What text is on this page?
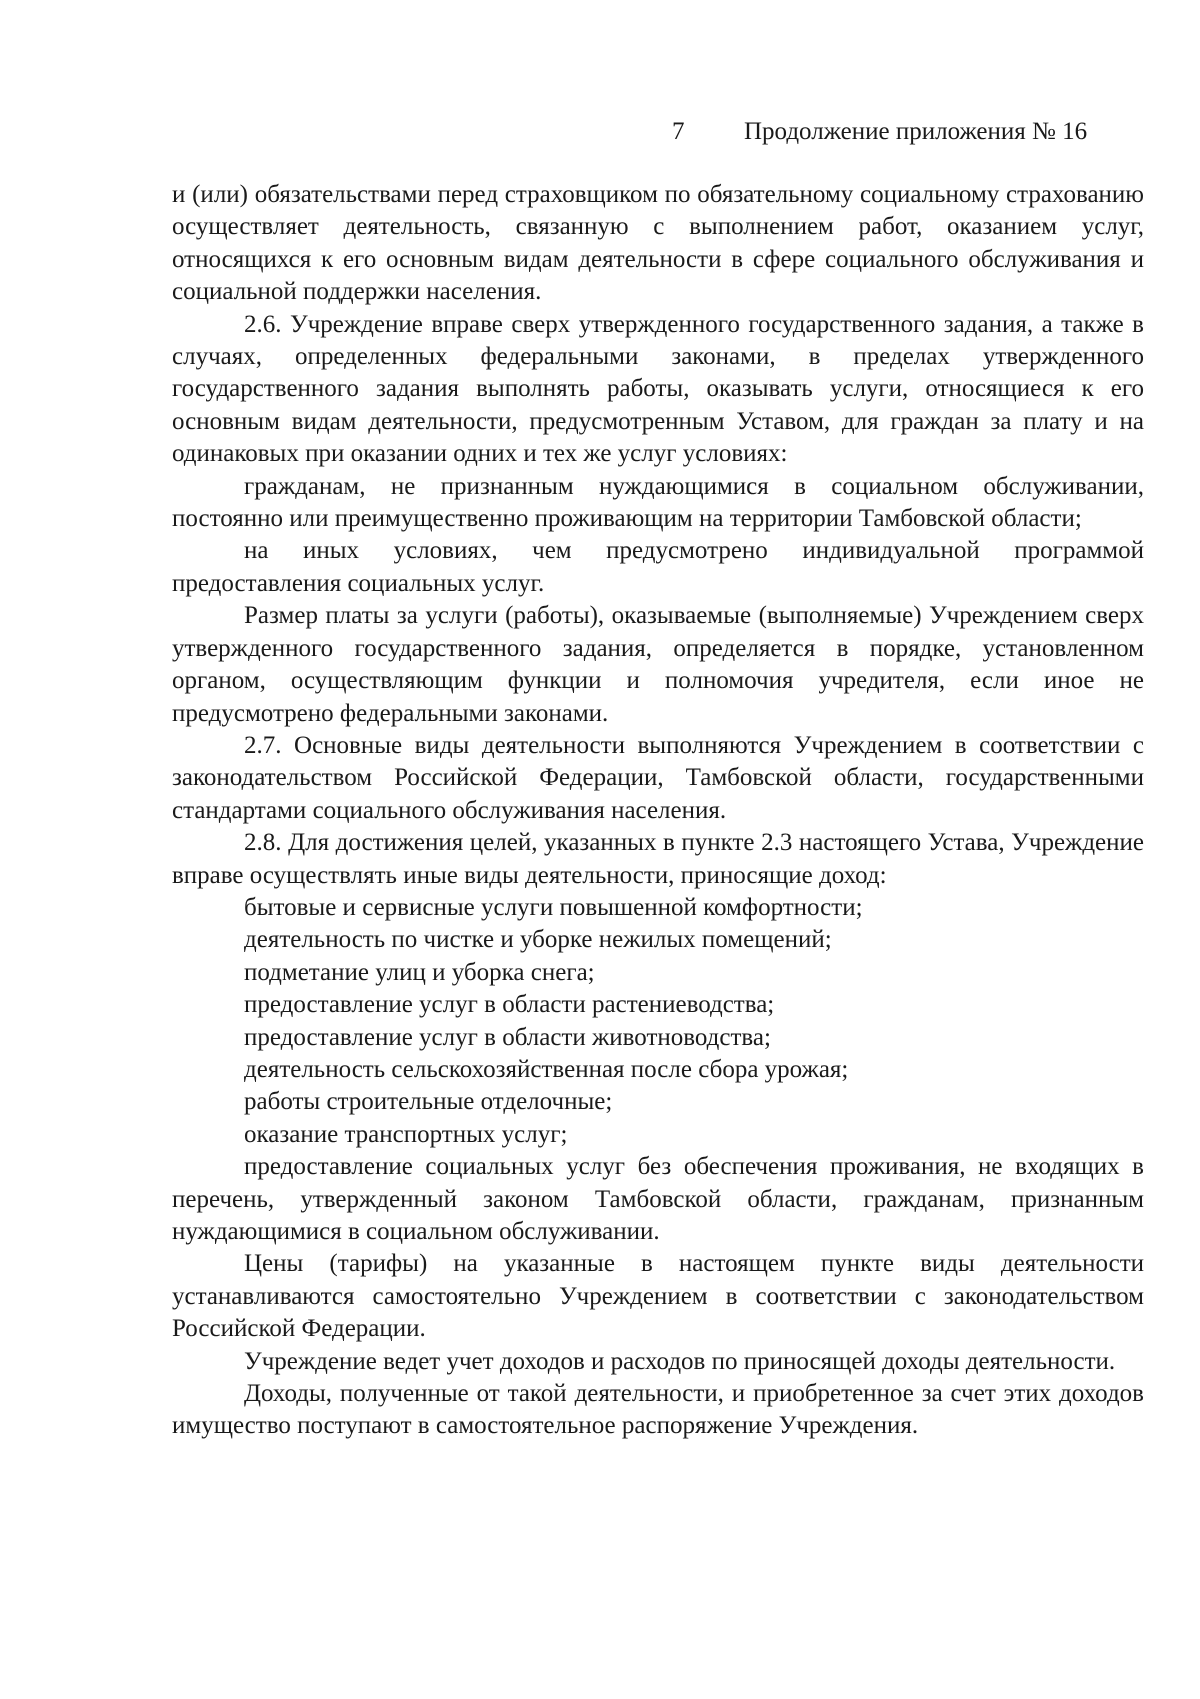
7 Продолжение приложения № 16

и (или) обязательствами перед страховщиком по обязательному социальному страхованию осуществляет деятельность, связанную с выполнением работ, оказанием услуг, относящихся к его основным видам деятельности в сфере социального обслуживания и социальной поддержки населения.

2.6. Учреждение вправе сверх утвержденного государственного задания, а также в случаях, определенных федеральными законами, в пределах утвержденного государственного задания выполнять работы, оказывать услуги, относящиеся к его основным видам деятельности, предусмотренным Уставом, для граждан за плату и на одинаковых при оказании одних и тех же услуг условиях:

гражданам, не признанным нуждающимися в социальном обслуживании, постоянно или преимущественно проживающим на территории Тамбовской области;

на иных условиях, чем предусмотрено индивидуальной программой предоставления социальных услуг.

Размер платы за услуги (работы), оказываемые (выполняемые) Учреждением сверх утвержденного государственного задания, определяется в порядке, установленном органом, осуществляющим функции и полномочия учредителя, если иное не предусмотрено федеральными законами.

2.7. Основные виды деятельности выполняются Учреждением в соответствии с законодательством Российской Федерации, Тамбовской области, государственными стандартами социального обслуживания населения.

2.8. Для достижения целей, указанных в пункте 2.3 настоящего Устава, Учреждение вправе осуществлять иные виды деятельности, приносящие доход:

бытовые и сервисные услуги повышенной комфортности;

деятельность по чистке и уборке нежилых помещений;

подметание улиц и уборка снега;

предоставление услуг в области растениеводства;

предоставление услуг в области животноводства;

деятельность сельскохозяйственная после сбора урожая;

работы строительные отделочные;

оказание транспортных услуг;

предоставление социальных услуг без обеспечения проживания, не входящих в перечень, утвержденный законом Тамбовской области, гражданам, признанным нуждающимися в социальном обслуживании.

Цены (тарифы) на указанные в настоящем пункте виды деятельности устанавливаются самостоятельно Учреждением в соответствии с законодательством Российской Федерации.

Учреждение ведет учет доходов и расходов по приносящей доходы деятельности.

Доходы, полученные от такой деятельности, и приобретенное за счет этих доходов имущество поступают в самостоятельное распоряжение Учреждения.
